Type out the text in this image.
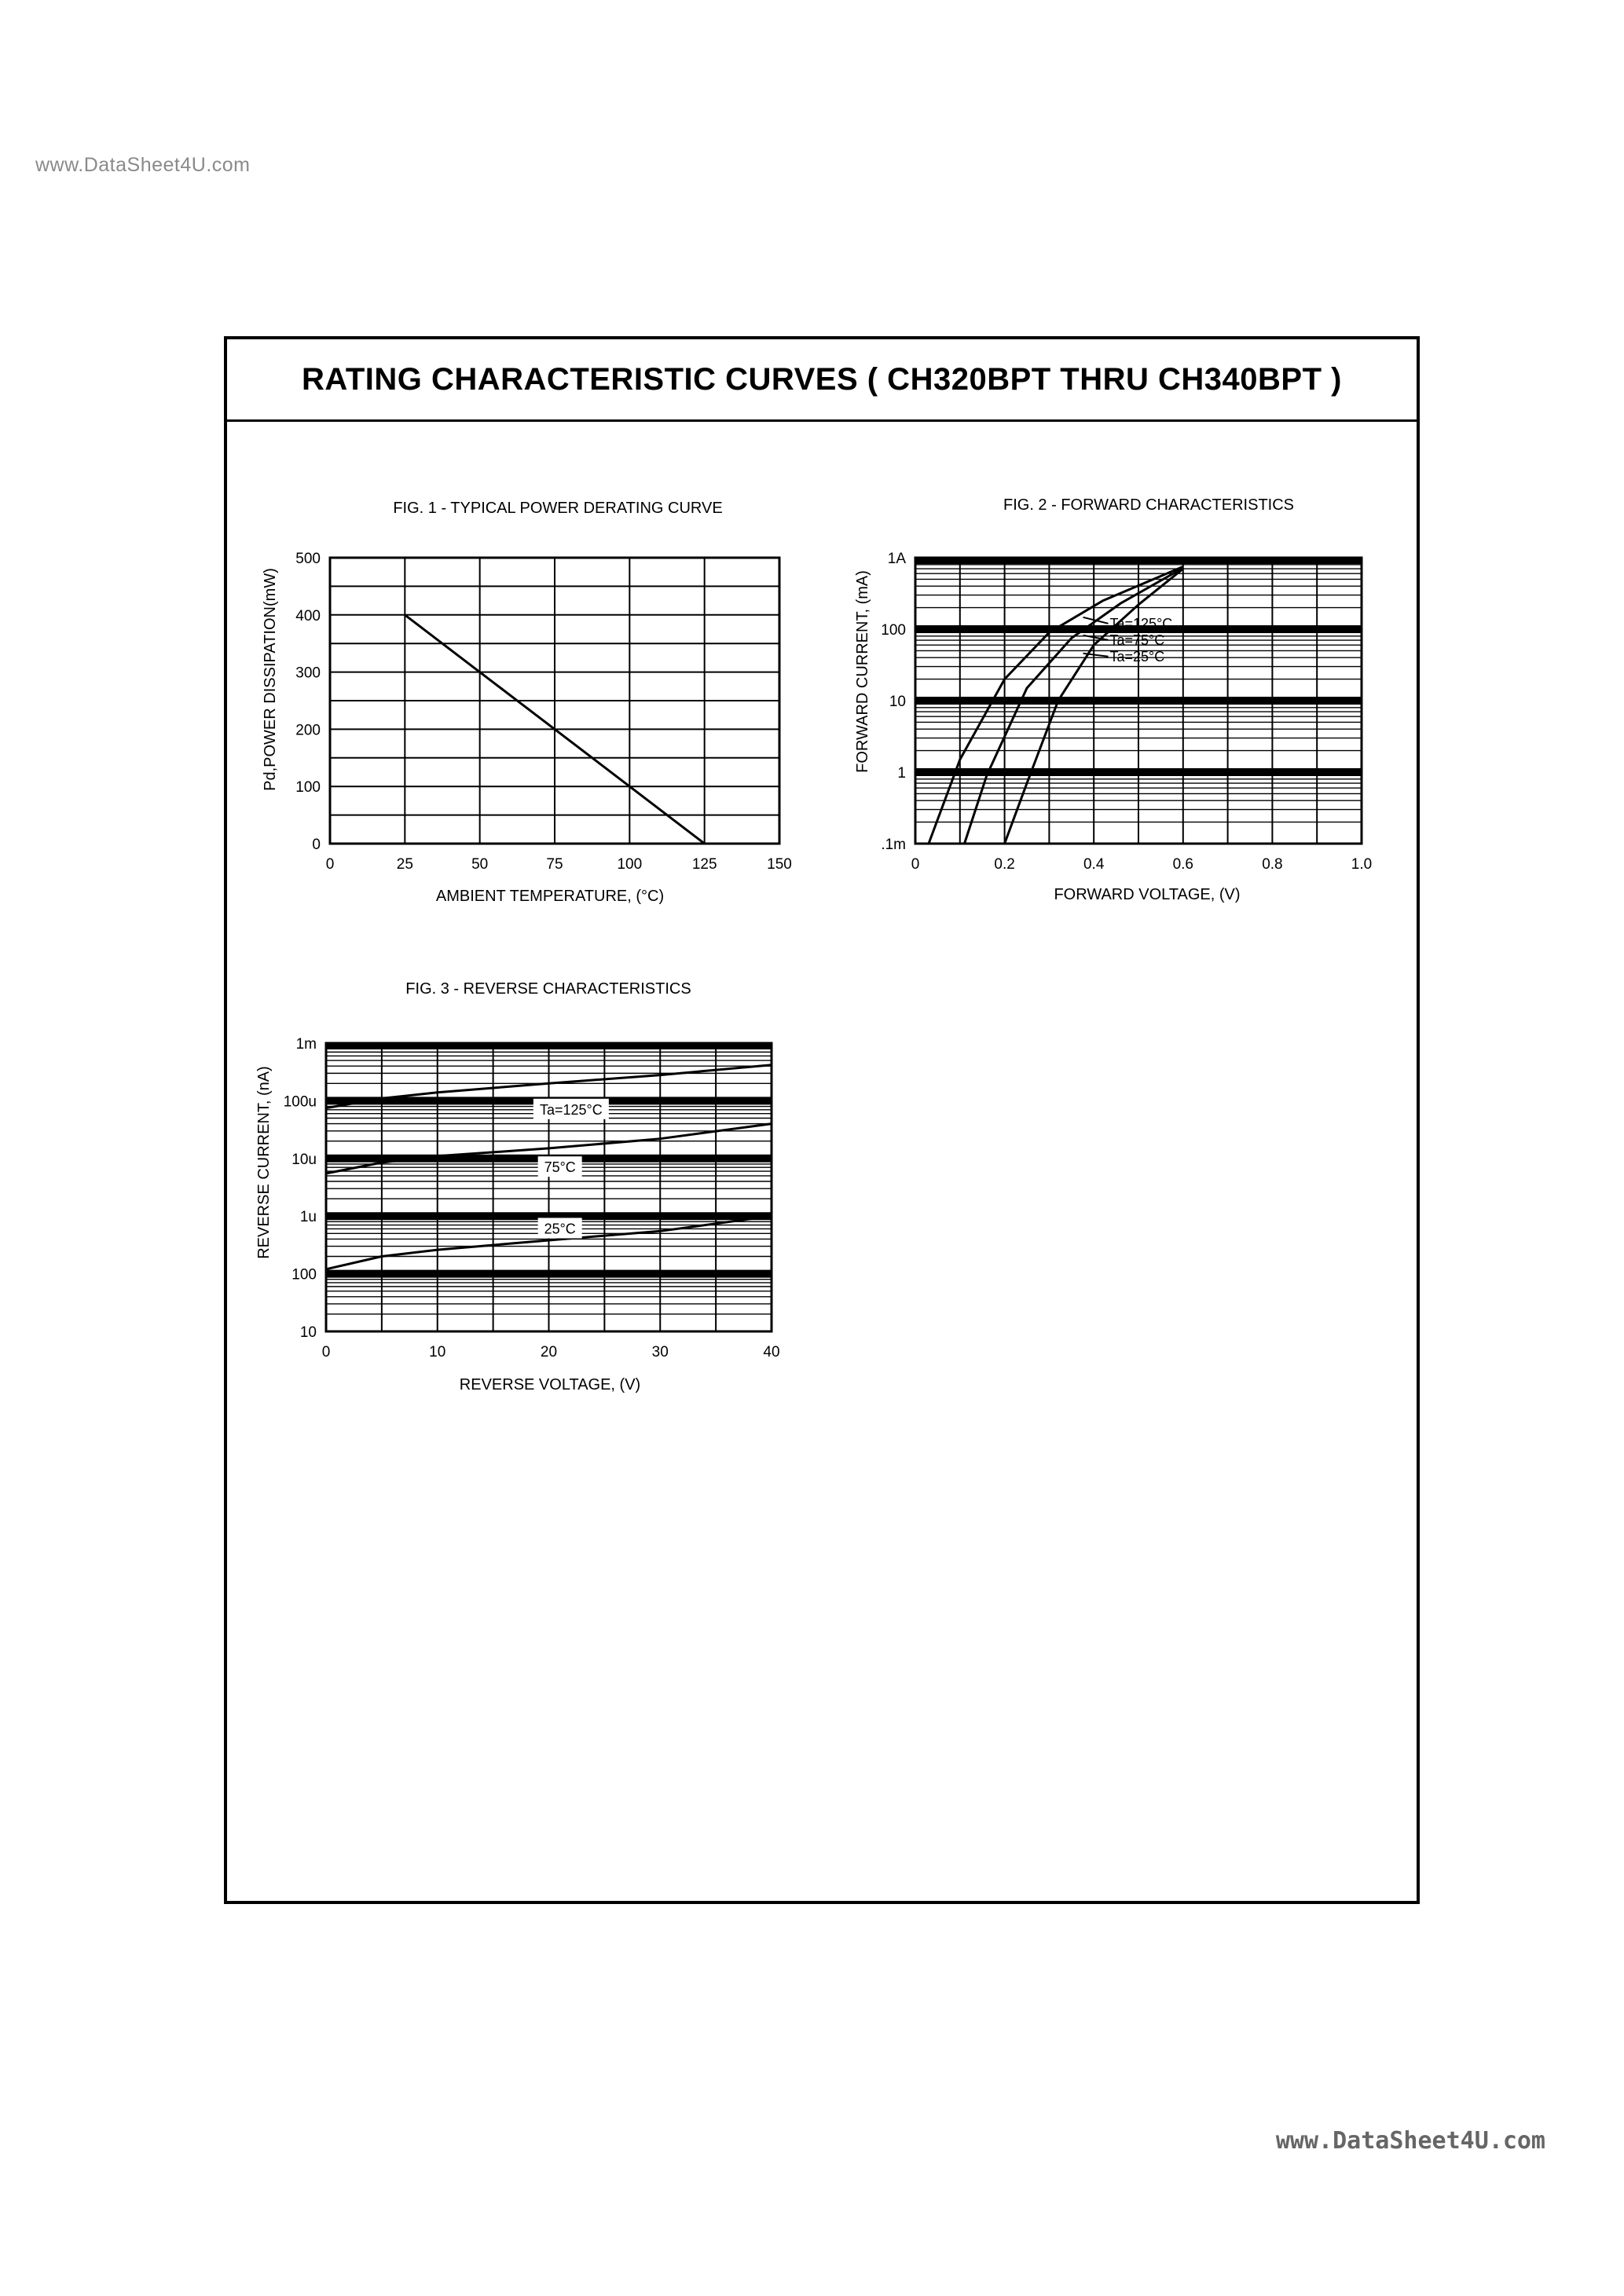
www.DataSheet4U.com
RATING CHARACTERISTIC CURVES ( CH320BPT THRU CH340BPT )
FIG. 1 - TYPICAL POWER DERATING CURVE
0	25	50	75	100	125	150
0
100
200
300
400
500
AMBIENT TEMPERATURE, (°C)
Pd,POWER DISSIPATION(mW)
FIG. 2 - FORWARD CHARACTERISTICS
0	0.2	0.4	0.6	0.8	1.0
.1m
1
10
100
1A
Ta=125°C
Ta=75°C
Ta=25°C
FORWARD VOLTAGE, (V)
FORWARD CURRENT, (mA)
FIG. 3 - REVERSE CHARACTERISTICS
0	10	20	30	40
10
100
1u
10u
100u
1m
Ta=125°C
75°C
25°C
REVERSE VOLTAGE, (V)
REVERSE CURRENT, (nA)
www.DataSheet4U.com
